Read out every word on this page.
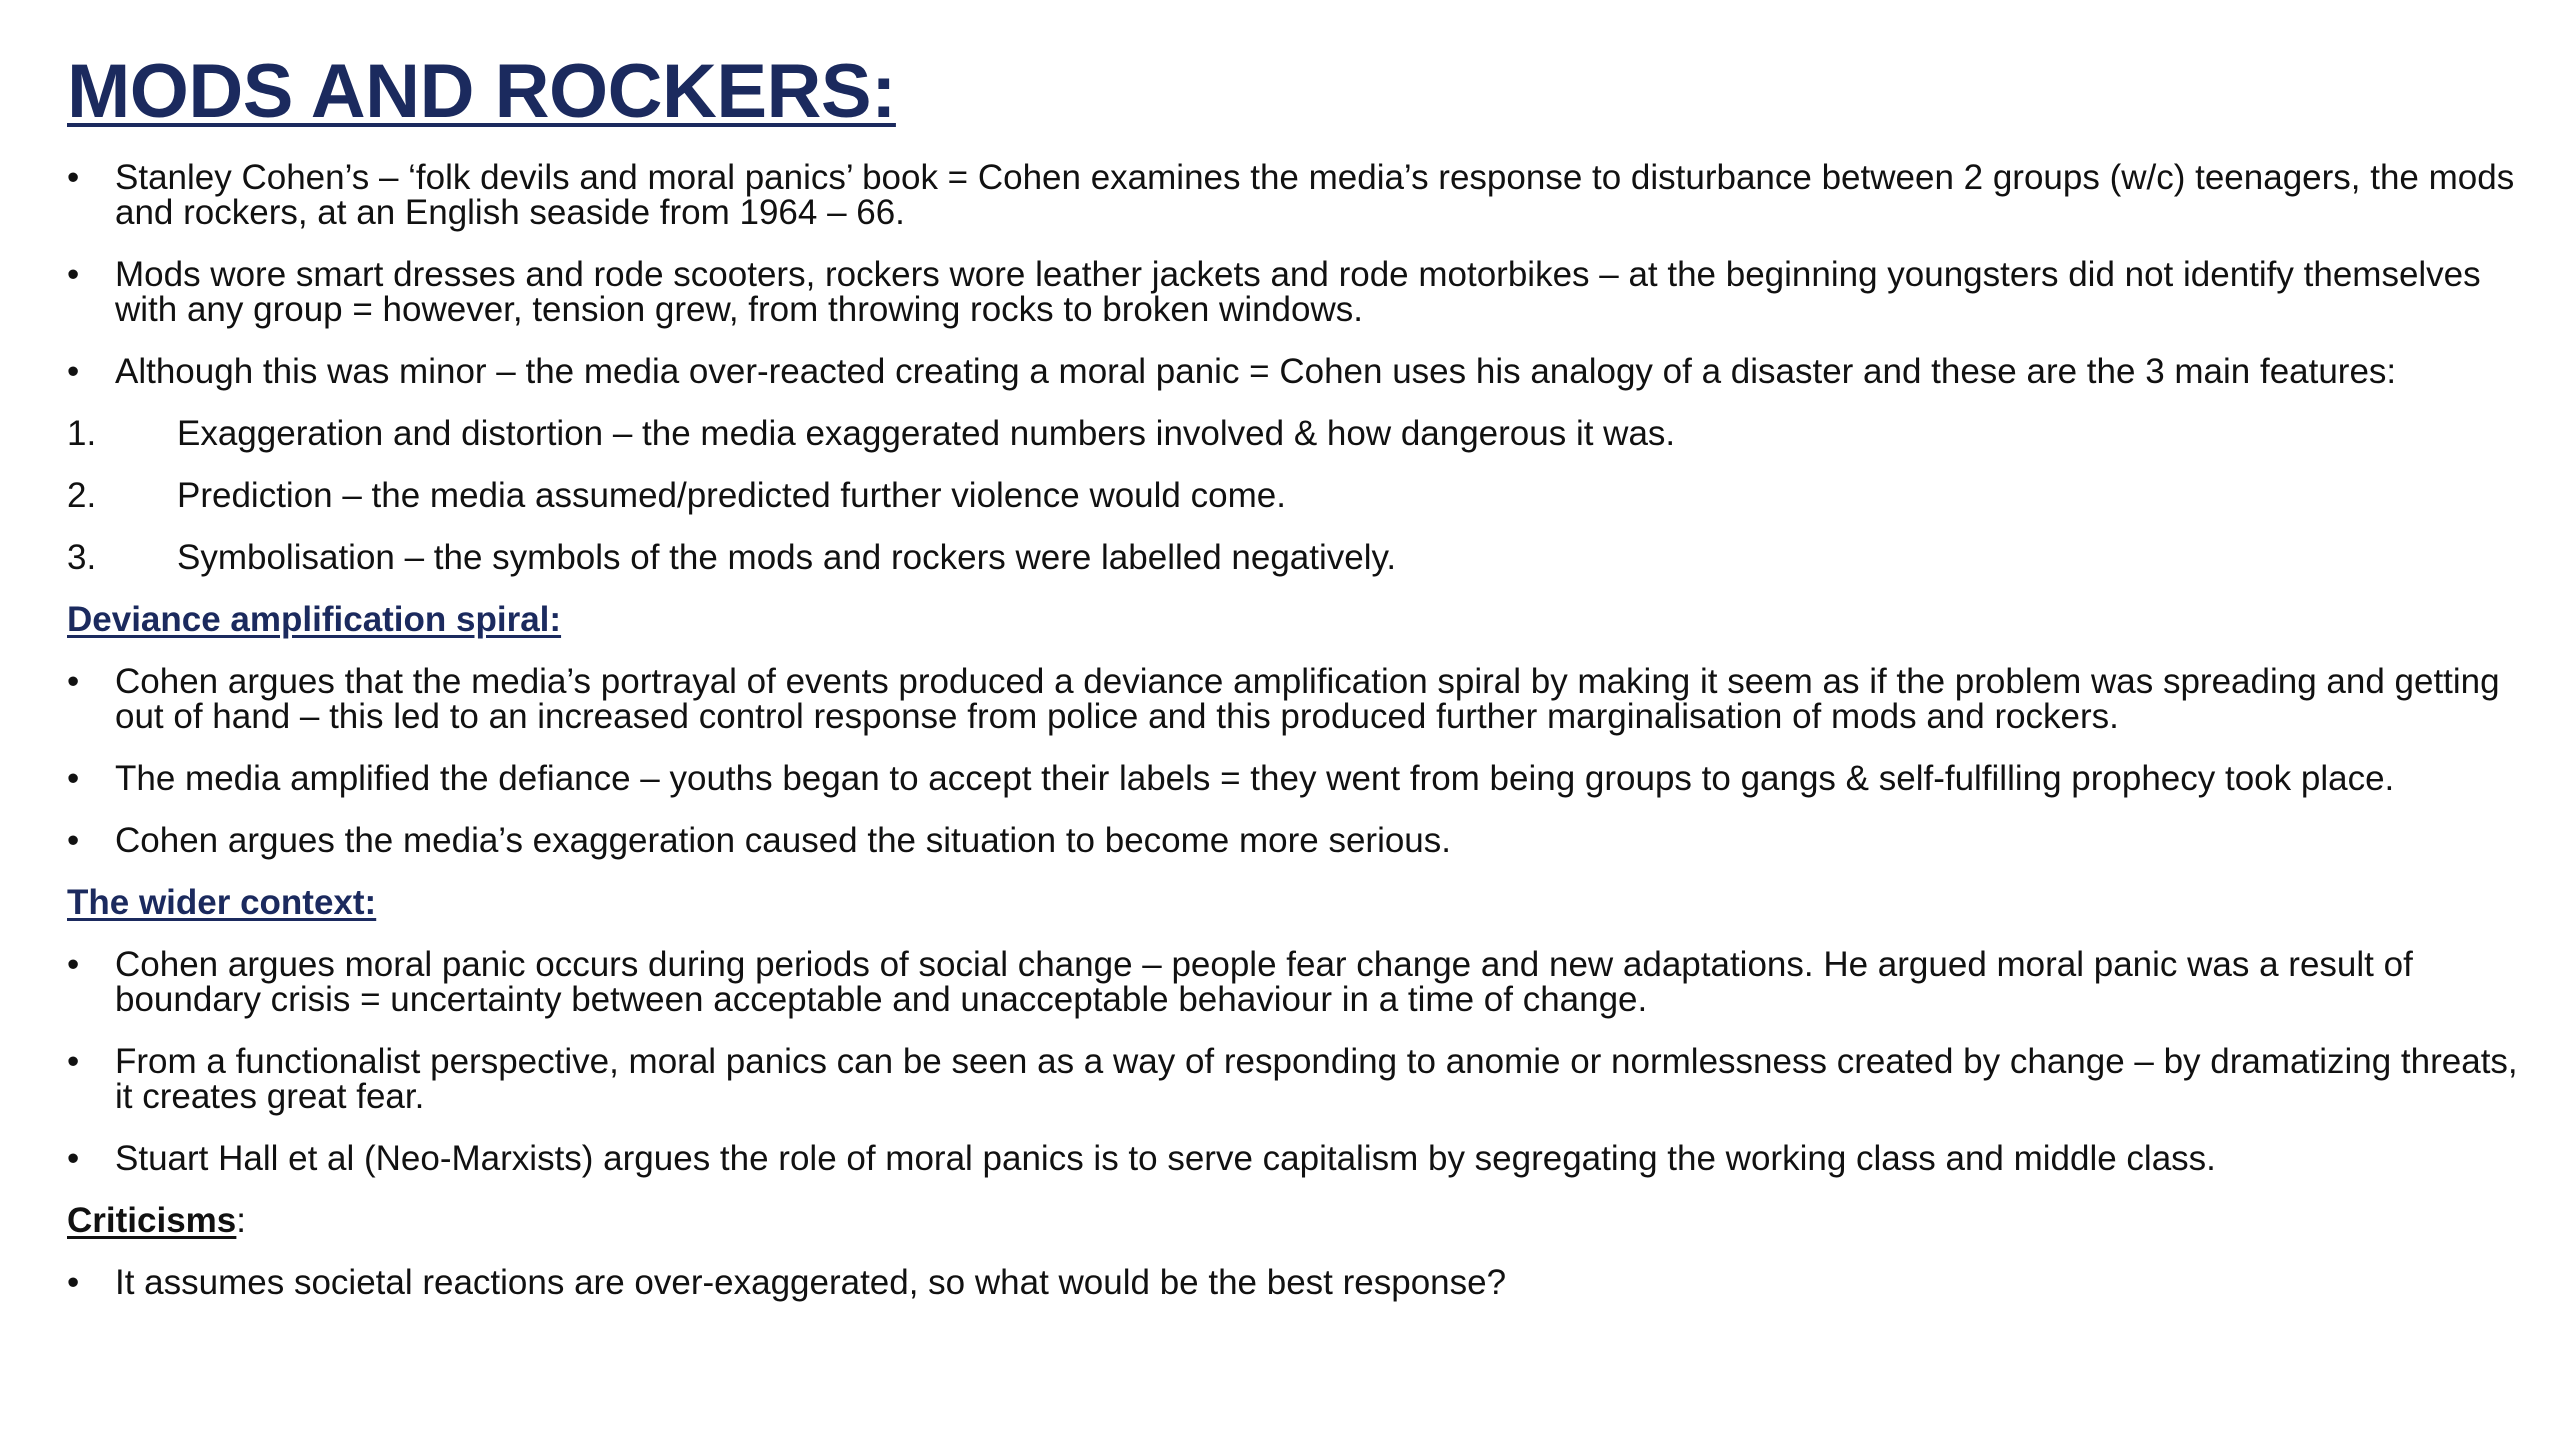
MODS AND ROCKERS:
•	Stanley Cohen’s – ‘folk devils and moral panics’ book = Cohen examines the media’s response to disturbance between 2 groups (w/c) teenagers, the mods and rockers, at an English seaside from 1964 – 66.
•	Mods wore smart dresses and rode scooters, rockers wore leather jackets and rode motorbikes – at the beginning youngsters did not identify themselves with any group = however, tension grew, from throwing rocks to broken windows.
•	Although this was minor – the media over-reacted creating a moral panic = Cohen uses his analogy of a disaster and these are the 3 main features:
1. Exaggeration and distortion – the media exaggerated numbers involved & how dangerous it was.
2. Prediction – the media assumed/predicted further violence would come.
3. Symbolisation – the symbols of the mods and rockers were labelled negatively.
Deviance amplification spiral:
•	Cohen argues that the media’s portrayal of events produced a deviance amplification spiral by making it seem as if the problem was spreading and getting out of hand – this led to an increased control response from police and this produced further marginalisation of mods and rockers.
•	The media amplified the defiance – youths began to accept their labels = they went from being groups to gangs & self-fulfilling prophecy took place.
•	Cohen argues the media’s exaggeration caused the situation to become more serious.
The wider context:
•	Cohen argues moral panic occurs during periods of social change – people fear change and new adaptations. He argued moral panic was a result of boundary crisis = uncertainty between acceptable and unacceptable behaviour in a time of change.
•	From a functionalist perspective, moral panics can be seen as a way of responding to anomie or normlessness created by change – by dramatizing threats, it creates great fear.
•	Stuart Hall et al (Neo-Marxists) argues the role of moral panics is to serve capitalism by segregating the working class and middle class.
Criticisms:
•	It assumes societal reactions are over-exaggerated, so what would be the best response?
